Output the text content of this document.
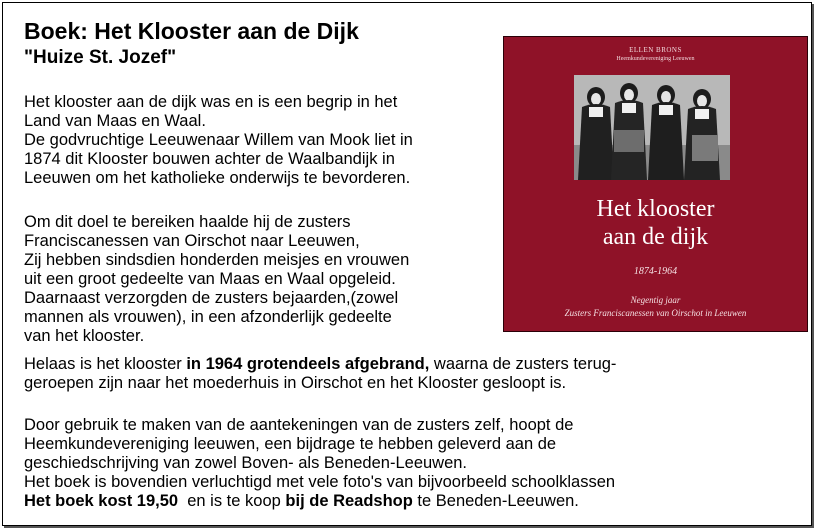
Boek: Het Klooster aan de Dijk
"Huize St. Jozef"
Het klooster aan de dijk was en is een begrip in het
Land van Maas en Waal.
De godvruchtige Leeuwenaar Willem van Mook liet in
1874 dit Klooster bouwen achter de Waalbandijk in
Leeuwen om het katholieke onderwijs te bevorderen.
Om dit doel te bereiken haalde hij de zusters
Franciscanessen van Oirschot naar Leeuwen,
Zij hebben sindsdien honderden meisjes en vrouwen
uit een groot gedeelte van Maas en Waal opgeleid.
Daarnaast verzorgden de zusters bejaarden,(zowel
mannen als vrouwen), in een afzonderlijk gedeelte
van het klooster.
Helaas is het klooster in 1964 grotendeels afgebrand, waarna de zusters terug-
geroepen zijn naar het moederhuis in Oirschot en het Klooster gesloopt is.
Door gebruik te maken van de aantekeningen van de zusters zelf, hoopt de
Heemkundevereniging leeuwen, een bijdrage te hebben geleverd aan de
geschiedschrijving van zowel Boven- als Beneden-Leeuwen.
Het boek is bovendien verluchtigd met vele foto's van bijvoorbeeld schoolklassen
Het boek kost 19,50  en is te koop bij de Readshop te Beneden-Leeuwen.
ELLEN BRONS
Heemkundevereniging Leeuwen
Het klooster
aan de dijk
1874-1964
Negentig jaar
Zusters Franciscanessen van Oirschot in Leeuwen
